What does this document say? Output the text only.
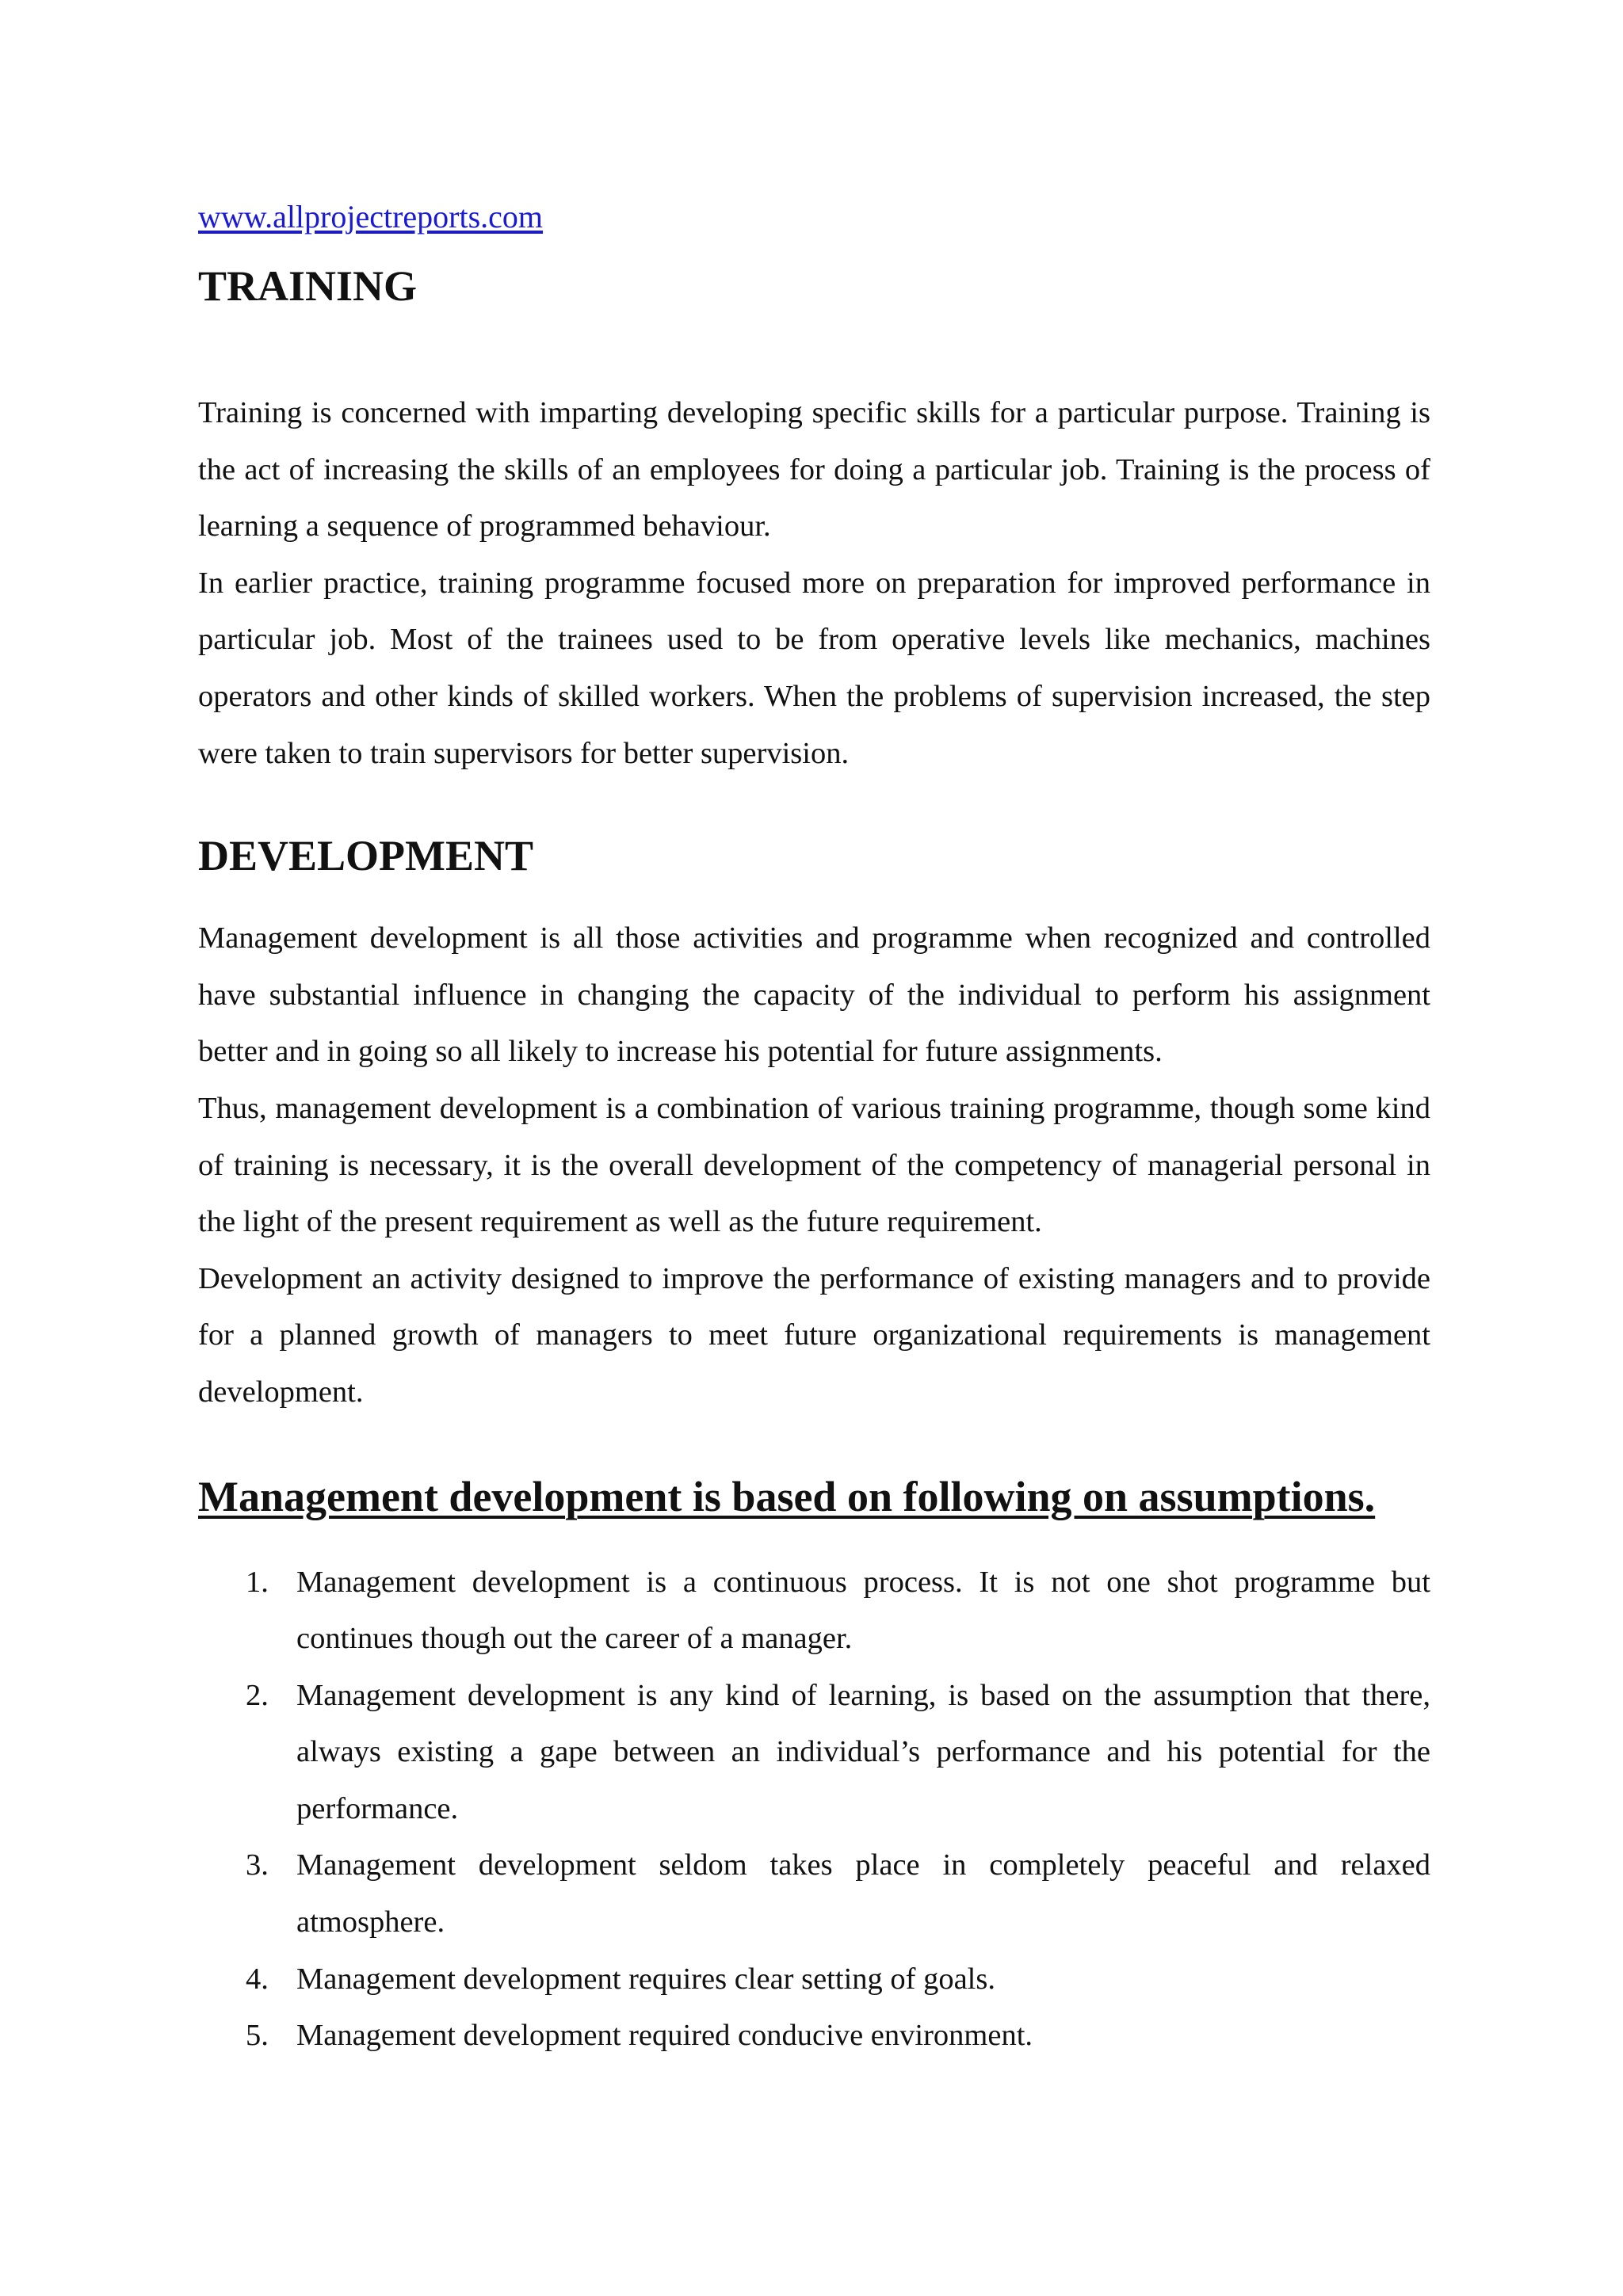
www.allprojectreports.com
TRAINING

Training is concerned with imparting developing specific skills for a particular purpose. Training is the act of increasing the skills of an employees for doing a particular job. Training is the process of learning a sequence of programmed behaviour.

In earlier practice, training programme focused more on preparation for improved performance in particular job. Most of the trainees used to be from operative levels like mechanics, machines operators and other kinds of skilled workers. When the problems of supervision increased, the step were taken to train supervisors for better supervision.

DEVELOPMENT

Management development is all those activities and programme when recognized and controlled have substantial influence in changing the capacity of the individual to perform his assignment better and in going so all likely to increase his potential for future assignments.

Thus, management development is a combination of various training programme, though some kind of training is necessary, it is the overall development of the competency of managerial personal in the light of the present requirement as well as the future requirement.

Development an activity designed to improve the performance of existing managers and to provide for a planned growth of managers to meet future organizational requirements is management development.

Management development is based on following on assumptions.
1. Management development is a continuous process. It is not one shot programme but continues though out the career of a manager.
2. Management development is any kind of learning, is based on the assumption that there, always existing a gape between an individual’s performance and his potential for the performance.
3. Management development seldom takes place in completely peaceful and relaxed atmosphere.
4. Management development requires clear setting of goals.
5. Management development required conducive environment.
